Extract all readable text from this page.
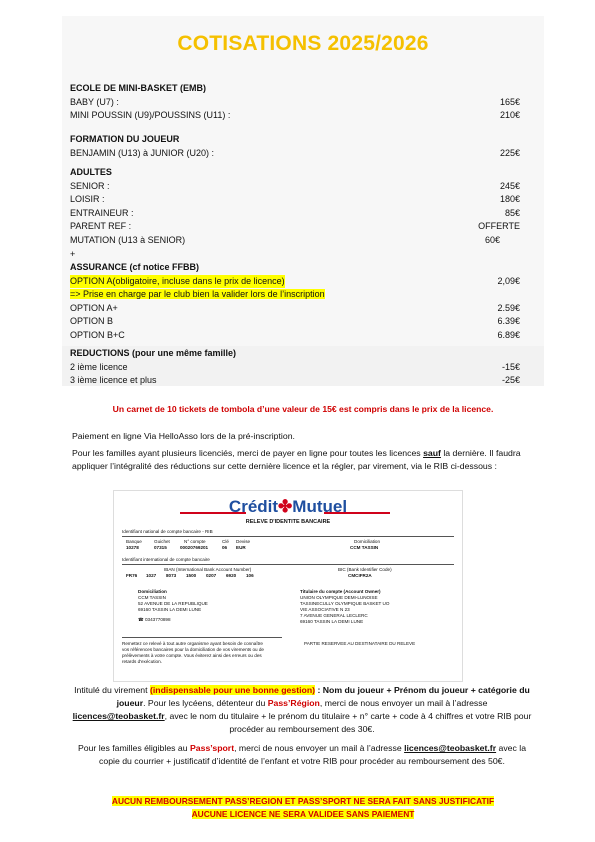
COTISATIONS 2025/2026
ECOLE DE MINI-BASKET (EMB)
BABY (U7) :	165€
MINI POUSSIN (U9)/POUSSINS (U11) :	210€
FORMATION DU JOUEUR
BENJAMIN (U13) à JUNIOR (U20) :	225€
ADULTES
SENIOR :	245€
LOISIR :	180€
ENTRAINEUR :	85€
PARENT REF :	OFFERTE
MUTATION (U13 à SENIOR)	60€
+
ASSURANCE (cf notice FFBB)
OPTION A(obligatoire, incluse dans le prix de licence)	2,09€
=> Prise en charge par le club bien la valider lors de l’inscription
OPTION A+	2.59€
OPTION B	6.39€
OPTION B+C	6.89€
REDUCTIONS (pour une même famille)
2 ième licence	-15€
3 ième licence et plus	-25€
Un carnet de 10 tickets de tombola d’une valeur de 15€ est compris dans le prix de la licence.
Paiement en ligne Via HelloAsso lors de la pré-inscription.
Pour les familles ayant plusieurs licenciés, merci de payer en ligne pour toutes les licences sauf la dernière. Il faudra appliquer l’intégralité des réductions sur cette dernière licence et la régler, par virement, via le RIB ci-dessous :
Crédit✤Mutuel
RELEVE D'IDENTITE BANCAIRE
Identifiant national de compte bancaire - RIB
Banque	Guichet	N° compte	Clé Devise
10278	07315	00020769201	06 EUR
Domiciliation
CCM TASSIN
Identifiant international de compte bancaire
IBAN (International Bank Account Number)
FR76 1027 8073 1500 0207 6920 106
BIC (Bank Identifier Code)
CMCIFR2A
Domiciliation
CCM TASSIN
52 AVENUE DE LA REPUBLIQUE
69160 TASSIN LA DEMI LUNE
☎ 0343770898
Titulaire du compte (Account Owner)
UNION OLYMPIQUE DEMI-LUNOISE
TASSINECULLY OLYMPIQUE BASKET UO
VIE ASSOCIATIVE N 23
7 AVENUE GENERAL LECLERC
69160 TASSIN LA DEMI LUNE
Remettez ce relevé à tout autre organisme ayant besoin de connaître
vos références bancaires pour la domiciliation de vos virements ou de
prélèvements à votre compte. Vous éviterez ainsi des erreurs ou des
retards d'exécution.
PARTIE RESERVEE AU DESTINATAIRE DU RELEVE
Intitulé du virement (indispensable pour une bonne gestion) : Nom du joueur + Prénom du joueur + catégorie du joueur. Pour les lycéens, détenteur du Pass’Région, merci de nous envoyer un mail à l’adresse licences@teobasket.fr, avec le nom du titulaire + le prénom du titulaire + n° carte + code à 4 chiffres et votre RIB pour procéder au remboursement des 30€.
Pour les familles éligibles au Pass’sport, merci de nous envoyer un mail à l’adresse licences@teobasket.fr avec la copie du courrier + justificatif d’identité de l’enfant et votre RIB pour procéder au remboursement des 50€.
AUCUN REMBOURSEMENT PASS’REGION ET PASS’SPORT NE SERA FAIT SANS JUSTIFICATIF
AUCUNE LICENCE NE SERA VALIDEE SANS PAIEMENT
